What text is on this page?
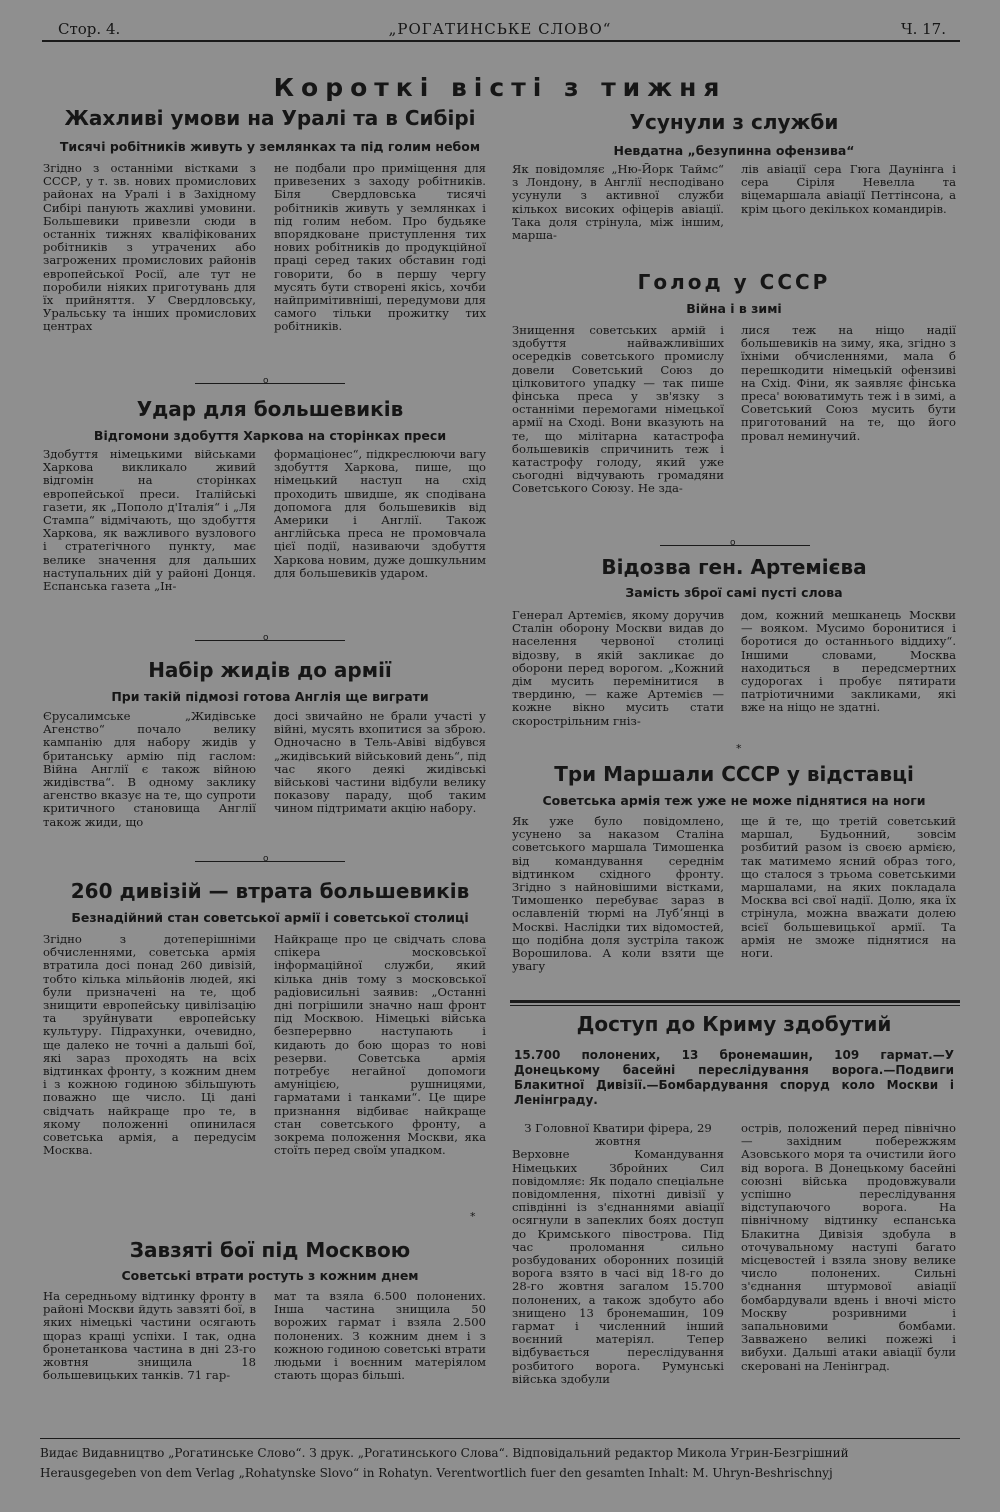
Стор. 4.	„РОГАТИНСЬКЕ СЛОВО“	Ч. 17.
Короткі вісті з тижня
Жахливі умови на Уралі та в Сибірі
Тисячі робітників живуть у землянках та під голим небом
Згідно з останніми вістками з СССР, у т. зв. нових промислових районах на Уралі і в Західному Сибірі панують жахливі умовини. Большевики привезли сюди в останніх тижнях кваліфікованих робітників з утрачених або загрожених промислових районів европейської Росії, але тут не поробили ніяких приготувань для їх прийняття. У Свердловську, Уральську та інших промислових центрах
не подбали про приміщення для привезених з заходу робітників. Біля Свердловська тисячі робітників живуть у землянках і під голим небом. Про будьяке впорядковане приступлення тих нових робітників до продукційної праці серед таких обставин годі говорити, бо в першу чергу мусять бути створені якісь, хочби найпримітивніші, передумови для самого тільки прожитку тих робітників.
o
Удар для большевиків
Відгомони здобуття Харкова на сторінках преси
Здобуття німецькими військами Харкова викликало живий відгомін на сторінках европейської преси. Італійські газети, як „Пополо д'Італія“ і „Ля Стампа“ відмічають, що здобуття Харкова, як важливого вузлового і стратегічного пункту, має велике значення для дальших наступальних дій у районі Донця. Еспанська газета „Ін-
формаціонес“, підкреслюючи вагу здобуття Харкова, пише, що німецький наступ на схід проходить швидше, як сподівана допомога для большевиків від Америки і Англії. Також англійська преса не промовчала цієї події, називаючи здобуття Харкова новим, дуже дошкульним для большевиків ударом.
o
Набір жидів до армії
При такій підмозі готова Англія ще виграти
Єрусалимське „Жидівське Агенство“ почало велику кампанію для набору жидів у британську армію під гаслом: Війна Англії є також війною жидівства“. В одному заклику агенство вказує на те, що супроти критичного становища Англії також жиди, що
досі звичайно не брали участі у війні, мусять вхопитися за зброю. Одночасно в Тель-Авіві відбувся „жидівський військовий день“, під час якого деякі жидівські військові частини відбули велику показову параду, щоб таким чином підтримати акцію набору.
o
260 дивізій — втрата большевиків
Безнадійний стан советської армії і советської столиці
Згідно з дотеперішніми обчисленнями, советська армія втратила досі понад 260 дивізій, тобто кілька мільйонів людей, які були призначені на те, щоб знищити европейську цивілізацію та зруйнувати европейську культуру. Підрахунки, очевидно, ще далеко не точні а дальші бої, які зараз проходять на всіх відтинках фронту, з кожним днем і з кожною годиною збільшують поважно ще число. Ці дані свідчать найкраще про те, в якому положенні опинилася советська армія, а передусім Москва.
Найкраще про це свідчать слова спікера московської інформаційної служби, який кілька днів тому з московської радіовисильні заявив: „Останні дні погрішили значно наш фронт під Москвою. Німецькі війська безперервно наступають і кидають до бою щораз то нові резерви. Советська армія потребує негайної допомоги амуніцією, рушницями, гарматами і танками“. Це щире признання відбиває найкраще стан советського фронту, а зокрема положення Москви, яка стоїть перед своїм упадком.
*
Завзяті бої під Москвою
Советські втрати ростуть з кожним днем
На середньому відтинку фронту в районі Москви йдуть завзяті бої, в яких німецькі частини осягають щораз кращі успіхи. І так, одна бронетанкова частина в дні 23-го жовтня знищила 18 большевицьких танків. 71 гар-
мат та взяла 6.500 полонених. Інша частина знищила 50 ворожих гармат і взяла 2.500 полонених. З кожним днем і з кожною годиною советські втрати людьми і воєнним матеріялом стають щораз більші.
Усунули з служби
Невдатна „безупинна офензива“
Як повідомляє „Ню-Йорк Таймс“ з Лондону, в Англії несподівано усунули з активної служби кількох високих офіцерів авіації. Така доля стрінула, між іншим, марша-
лів авіації сера Гюга Даунінга і сера Сіріля Невелла та віцемаршала авіації Петтінсона, а крім цього декількох командирів.
Голод у СССР
Війна і в зимі
Знищення советських армій і здобуття найважливіших осередків советського промислу довели Советський Союз до цілковитого упадку — так пише фінська преса у зв'язку з останніми перемогами німецької армії на Сході. Вони вказують на те, що мілітарна катастрофа большевиків спричинить теж і катастрофу голоду, який уже сьогодні відчувають громадяни Советського Союзу. Не зда-
лися теж на ніщо надії большевиків на зиму, яка, згідно з їхніми обчисленнями, мала б перешкодити німецькій офензиві на Схід. Фіни, як заявляє фінська преса' воюватимуть теж і в зимі, а Советський Союз мусить бути приготований на те, що його провал неминучий.
o
Відозва ген. Артемієва
Замість зброї самі пусті слова
Генерал Артемієв, якому доручив Сталін оборону Москви видав до населення червоної столиці відозву, в якій закликає до оборони перед ворогом. „Кожний дім мусить перемінитися в твердиню, — каже Артемієв — кожне вікно мусить стати скорострільним гніз-
дом, кожний мешканець Москви — вояком. Мусимо боронитися і боротися до останнього віддиху“. Іншими словами, Москва находиться в передсмертних судорогах і пробує пятирати патріотичними закликами, які вже на ніщо не здатні.
*
Три Маршали СССР у відставці
Советська армія теж уже не може піднятися на ноги
Як уже було повідомлено, усунено за наказом Сталіна советського маршала Тимошенка від командування середнім відтинком східного фронту. Згідно з найновішими вістками, Тимошенко перебуває зараз в ославленій тюрмі на Лубʼянці в Москві. Наслідки тих відомостей, що подібна доля зустріла також Ворошилова. А коли взяти ще увагу
ще й те, що третій советський маршал, Будьонний, зовсім розбитий разом із своєю армією, так матимемо ясний образ того, що сталося з трьома советськими маршалами, на яких покладала Москва всі свої надії. Долю, яка їх стрінула, можна вважати долею всієї большевицької армії. Та армія не зможе піднятися на ноги.
Доступ до Криму здобутий
15.700 полонених, 13 бронемашин, 109 гармат.—У Донецькому басейні переслідування ворога.—Подвиги Блакитної Дивізії.—Бомбардування споруд коло Москви і Ленінграду.
З Головної Кватири фірера, 29 жовтня
Верховне Командування Німецьких Збройних Сил повідомляє: Як подало спеціальне повідомлення, піхотні дивізії у співдінні із з'єднаннями авіації осягнули в запеклих боях доступ до Кримського півострова. Під час проломання сильно розбудованих оборонних позицій ворога взято в часі від 18-го до 28-го жовтня загалом 15.700 полонених, а також здобуто або знищено 13 бронемашин, 109 гармат і численний інший воєнний матеріял. Тепер відбувається переслідування розбитого ворога. Румунські війська здобули
острів, положений перед північно — західним побережжям Азовського моря та очистили його від ворога. В Донецькому басейні союзні війська продовжували успішно переслідування відступаючого ворога. На північному відтинку еспанська Блакитна Дивізія здобула в оточувальному наступі багато місцевостей і взяла знову велике число полонених. Сильні з'єднання штурмової авіації бомбардували вдень і вночі місто Москву розривними і запальновими бомбами. Завважено великі пожежі і вибухи. Дальші атаки авіації були скеровані на Ленінград.
Видає Видавництво „Рогатинське Слово“. З друк. „Рогатинського Слова“. Відповідальний редактор Микола Угрин-Безгрішний
Herausgegeben von dem Verlag „Rohatynske Slovo“ in Rohatyn. Verentwortlich fuer den gesamten Inhalt: M. Uhryn-Beshrischnyj
